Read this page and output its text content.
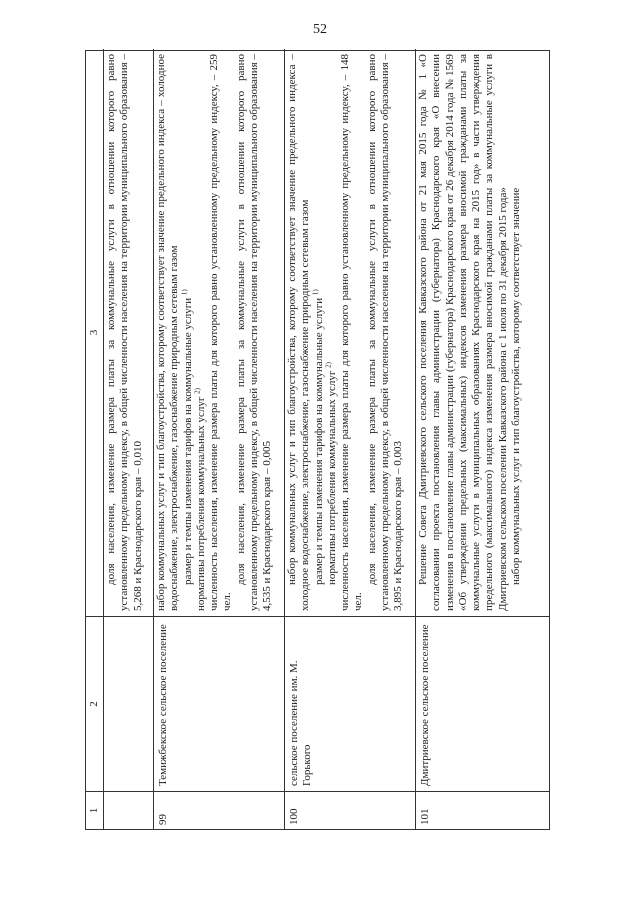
52
1
2
3 доля населения, изменение размера платы за коммунальные услуги в отношении которого равно установленному предельному индексу, в общей численности населения на территории муниципального образования – 5,268 и Краснодарского края – 0,010

99
Темижбекское сельское поселение

набор коммунальных услуг и тип благоустройства, которому соответствует значение предельного индекса – холодное водоснабжение, электроснабжение, газоснабжение природным сетевым газом размер и темпы изменения тарифов на коммунальные услуги $^{1)}$

нормативы потребления коммунальных услуг $^{2)}$ численность населения, изменение размера платы для которого равно установленному предельному индексу, – 259 чел.

доля населения, изменение размера платы за коммунальные услуги в отношении которого равно установленному предельному индексу, в общей численности населения на территории муниципального образования – 4,535 и Краснодарского края – 0,005

100
сельское поселение им. М. Горького

набор коммунальных услуг и тип благоустройства, которому соответствует значение предельного индекса – холодное водоснабжение, электроснабжение, газоснабжение природным сетевым газом размер и темпы изменения тарифов на коммунальные услуги $^{1)}$

нормативы потребления коммунальных услуг $^{2)}$ численность населения, изменение размера платы для которого равно установленному предельному индексу, – 148 чел.

доля населения, изменение размера платы за коммунальные услуги в отношении которого равно установленному предельному индексу, в общей численности населения на территории муниципального образования – 3,895 и Краснодарского края – 0,003

101
Дмитриевское сельское поселение

Решение Совета Дмитриевского сельского поселения Кавказского района от 21 мая 2015 года № 1 «О согласовании проекта постановления главы администрации (губернатора) Краснодарского края «О внесении изменения в постановление главы администрации (губернатора) Краснодарского края от 26 декабря 2014 года № 1569 «Об утверждении предельных (максимальных) индексов изменения размера вносимой гражданами платы за коммунальные услуги в муниципальных образованиях Краснодарского края на 2015 год» в части утверждения предельного (максимального) индекса изменения размера вносимой гражданами платы за коммунальные услуги в Дмитриевском сельском поселении Кавказского района с 1 июля по 31 декабря 2015 года» набор коммунальных услуг и тип благоустройства, которому соответствует значение
